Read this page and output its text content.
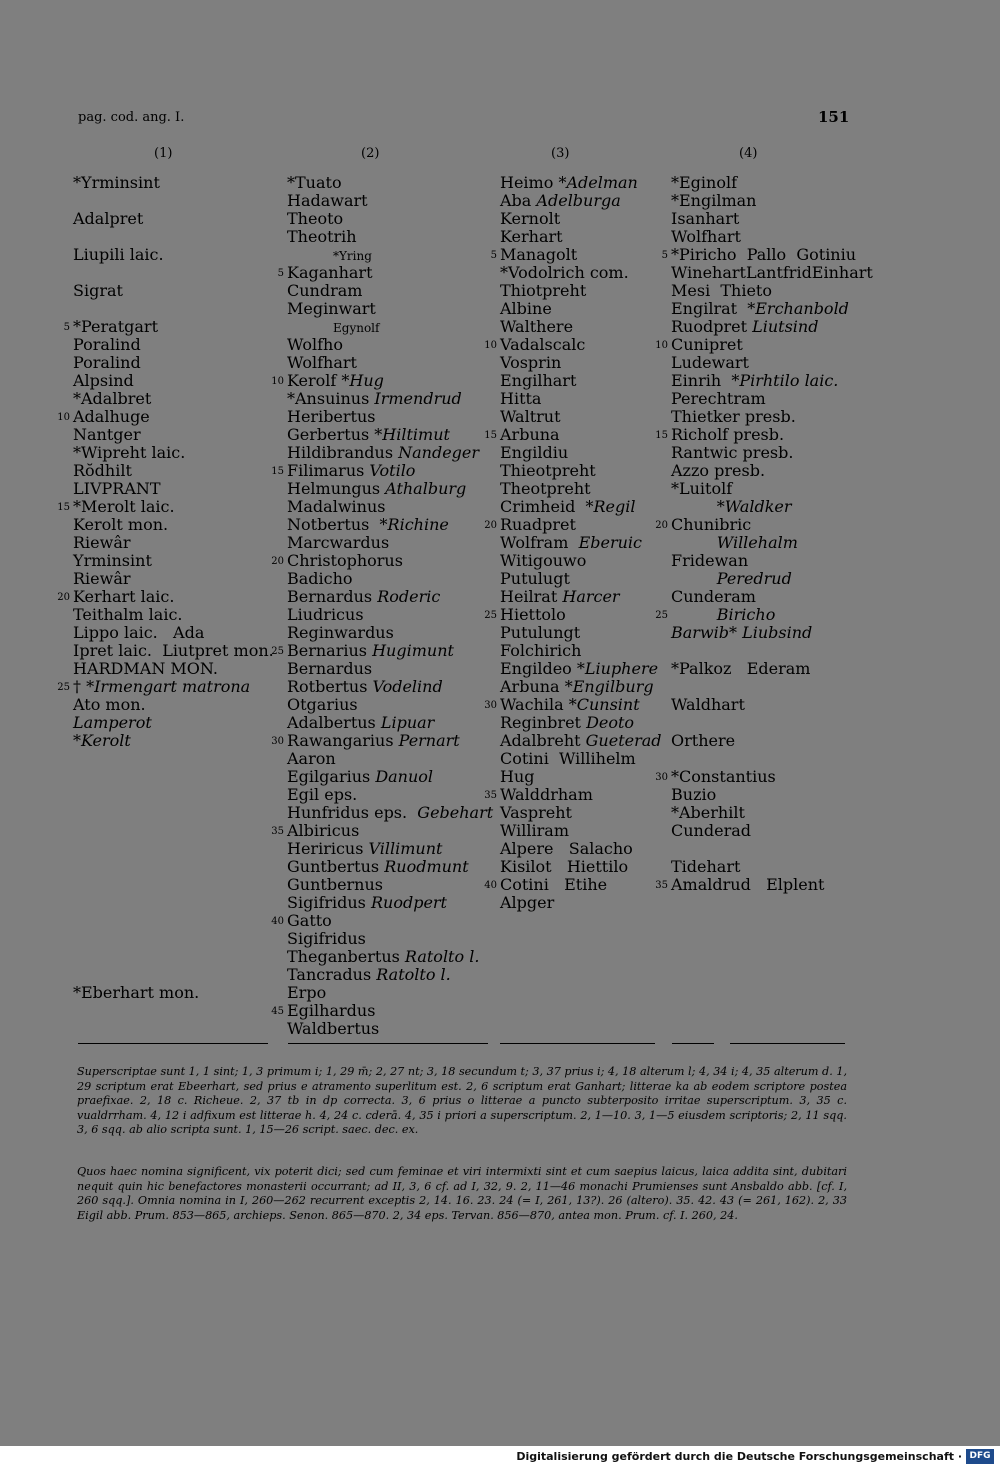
pag. cod. ang. I.	151
(1)	(2)	(3)	(4)
*Yrminsint
Adalpret
Liupili laic.
Sigrat
5 *Peratgart
Poralind
Poralind
Alpsind
*Adalbret
10 Adalhuge
Nantger
*Wipreht laic.
Rŏdhilt
LIVPRANT
15 *Merolt laic.
Kerolt mon.
Riewâr
Yrminsint
Riewâr
20 Kerhart laic.
Teithalm laic.
Lippo laic.   Ada
Ipret laic.  Liutpret mon.
HARDMAN MON.
25 † *Irmengart matrona
Ato mon.
Lamperot
*Kerolt
*Eberhart mon.
*Tuato
Hadawart
Theoto
Theotrih
*Yring
5 Kaganhart
Cundram
Meginwart
Egynolf
Wolfho
Wolfhart
10 Kerolf *Hug
*Ansuinus Irmendrud
Heribertus
Gerbertus *Hiltimut
Hildibrandus Nandeger
15 Filimarus Votilo
Helmungus Athalburg
Madalwinus
Notbertus  *Richine
Marcwardus
20 Christophorus
Badicho
Bernardus Roderic
Liudricus
Reginwardus
25 Bernarius Hugimunt
Bernardus
Rotbertus Vodelind
Otgarius
Adalbertus Lipuar
30 Rawangarius Pernart
Aaron
Egilgarius Danuol
Egil eps.
Hunfridus eps.  Gebehart
35 Albiricus
Heriricus Villimunt
Guntbertus Ruodmunt
Guntbernus
Sigifridus Ruodpert
40 Gatto
Sigifridus
Theganbertus Ratolto l.
Tancradus Ratolto l.
Erpo
45 Egilhardus
Waldbertus
Heimo *Adelman
Aba Adelburga
Kernolt
Kerhart
5 Managolt
*Vodolrich com.
Thiotpreht
Albine
Walthere
10 Vadalscalc
Vosprin
Engilhart
Hitta
Waltrut
15 Arbuna
Engildiu
Thieotpreht
Theotpreht
Crimheid  *Regil
20 Ruadpret
Wolfram  Eberuic
Witigouwo
Putulugt
Heilrat Harcer
25 Hiettolo
Putulungt
Folchirich
Engildeo *Liuphere
Arbuna *Engilburg
30 Wachila *Cunsint
Reginbret Deoto
Adalbreht Gueterad
Cotini  Willihelm
Hug
35 Walddrham
Vaspreht
Williram
Alpere   Salacho
Kisilot   Hiettilo
40 Cotini   Etihe
Alpger
*Eginolf
*Engilman
Isanhart
Wolfhart
5 *Piricho  Pallo  Gotiniu
WinehartLantfridEinhart
Mesi  Thieto
Engilrat  *Erchanbold
Ruodpret Liutsind
10 Cunipret
Ludewart
Einrih  *Pirhtilo laic.
Perechtram
Thietker presb.
15 Richolf presb.
Rantwic presb.
Azzo presb.
*Luitolf
*Waldker
20 Chunibric
Willehalm
Fridewan
Peredrud
Cunderam
25	Biricho
Barwib* Liubsind
*Palkoz   Ederam
Waldhart
Orthere
30 *Constantius
Buzio
*Aberhilt
Cunderad
Tidehart
35 Amaldrud   Elplent
Superscriptae sunt 1, 1 sint; 1, 3 primum i; 1, 29 m̄; 2, 27 nt; 3, 18 secundum t; 3, 37 prius i; 4, 18 alterum l; 4, 34 i; 4, 35 alterum d. 1, 29 scriptum erat Ebeerhart, sed prius e atramento superlitum est. 2, 6 scriptum erat Ganhart; litterae ka ab eodem scriptore postea praefixae. 2, 18 c. Richeue. 2, 37 tb in dp correcta. 3, 6 prius o litterae a puncto subterposito irritae superscriptum. 3, 35 c. vualdrrham. 4, 12 i adfixum est litterae h. 4, 24 c. cderā. 4, 35 i priori a superscriptum. 2, 1—10. 3, 1—5 eiusdem scriptoris; 2, 11 sqq. 3, 6 sqq. ab alio scripta sunt. 1, 15—26 script. saec. dec. ex.
Quos haec nomina significent, vix poterit dici; sed cum feminae et viri intermixti sint et cum saepius laicus, laica addita sint, dubitari nequit quin hic benefactores monasterii occurrant; ad II, 3, 6 cf. ad I, 32, 9. 2, 11—46 monachi Prumienses sunt Ansbaldo abb. [cf. I, 260 sqq.]. Omnia nomina in I, 260—262 recurrent exceptis 2, 14. 16. 23. 24 (= I, 261, 13?). 26 (altero). 35. 42. 43 (= 261, 162). 2, 33 Eigil abb. Prum. 853—865, archieps. Senon. 865—870. 2, 34 eps. Tervan. 856—870, antea mon. Prum. cf. I. 260, 24.
Digitalisierung gefördert durch die Deutsche Forschungsgemeinschaft · DFG
